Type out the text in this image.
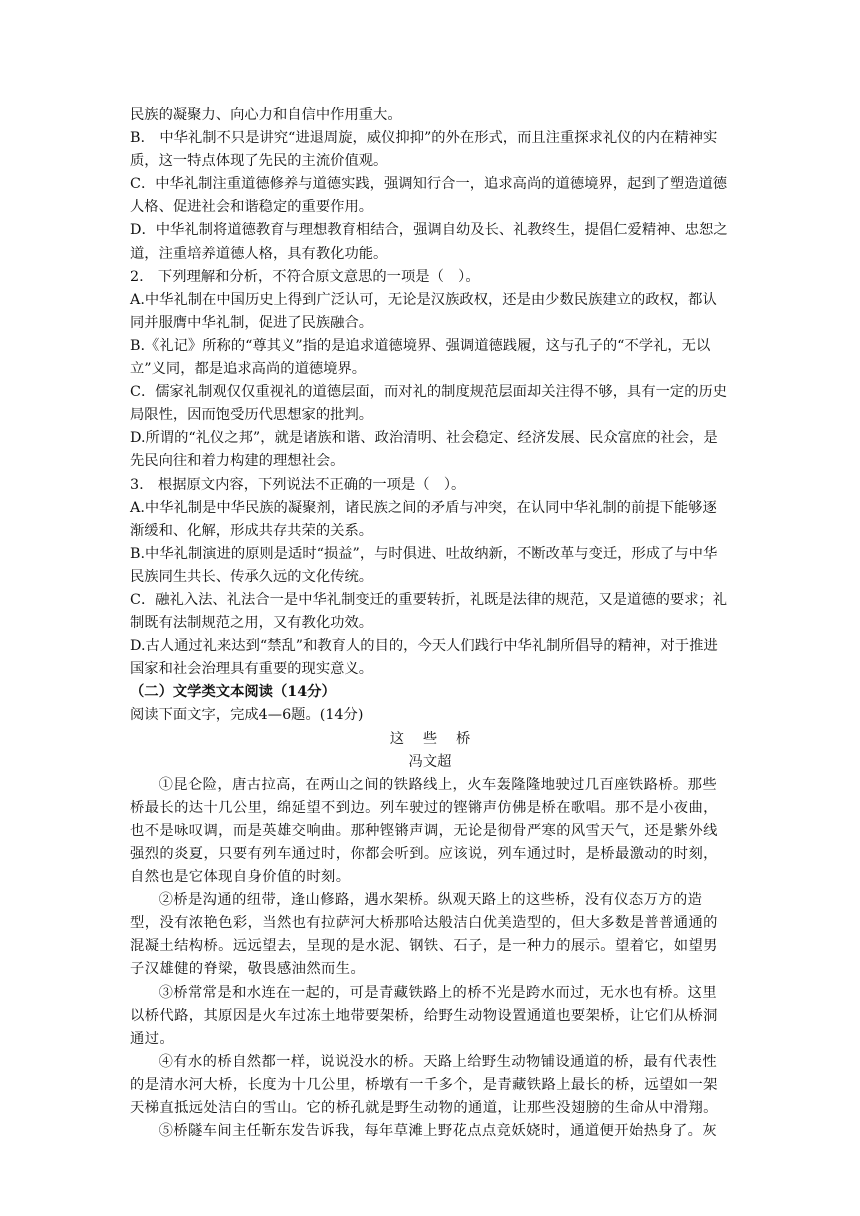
民族的凝聚力、向心力和自信中作用重大。

B.　中华礼制不只是讲究“进退周旋，威仪抑抑”的外在形式，而且注重探求礼仪的内在精神实质，这一特点体现了先民的主流价值观。

C．中华礼制注重道德修养与道德实践，强调知行合一，追求高尚的道德境界，起到了塑造道德人格、促进社会和谐稳定的重要作用。

D．中华礼制将道德教育与理想教育相结合，强调自幼及长、礼教终生，提倡仁爱精神、忠恕之道，注重培养道德人格，具有教化功能。

2.　下列理解和分析，不符合原文意思的一项是（　）。

A.中华礼制在中国历史上得到广泛认可，无论是汉族政权，还是由少数民族建立的政权，都认同并服膺中华礼制，促进了民族融合。

B.《礼记》所称的“尊其义”指的是追求道德境界、强调道德践履，这与孔子的“不学礼，无以立”义同，都是追求高尚的道德境界。

C．儒家礼制观仅仅重视礼的道德层面，而对礼的制度规范层面却关注得不够，具有一定的历史局限性，因而饱受历代思想家的批判。

D.所谓的“礼仪之邦”，就是诸族和谐、政治清明、社会稳定、经济发展、民众富庶的社会，是先民向往和着力构建的理想社会。

3.　根据原文内容，下列说法不正确的一项是（　）。

A.中华礼制是中华民族的凝聚剂，诸民族之间的矛盾与冲突，在认同中华礼制的前提下能够逐渐缓和、化解，形成共存共荣的关系。

B.中华礼制演进的原则是适时“损益”，与时俱进、吐故纳新，不断改革与变迁，形成了与中华民族同生共长、传承久远的文化传统。

C．融礼入法、礼法合一是中华礼制变迁的重要转折，礼既是法律的规范，又是道德的要求；礼制既有法制规范之用，又有教化功效。

D.古人通过礼来达到“禁乱”和教育人的目的，今天人们践行中华礼制所倡导的精神，对于推进国家和社会治理具有重要的现实意义。

（二）文学类文本阅读（14分）

阅读下面文字，完成4—6题。(14分)

这 些 桥

冯文超

①昆仑险，唐古拉高，在两山之间的铁路线上，火车轰隆隆地驶过几百座铁路桥。那些桥最长的达十几公里，绵延望不到边。列车驶过的铿锵声仿佛是桥在歌唱。那不是小夜曲，也不是咏叹调，而是英雄交响曲。那种铿锵声调，无论是彻骨严寒的风雪天气，还是紫外线强烈的炎夏，只要有列车通过时，你都会听到。应该说，列车通过时，是桥最激动的时刻，自然也是它体现自身价值的时刻。

②桥是沟通的纽带，逢山修路，遇水架桥。纵观天路上的这些桥，没有仪态万方的造型，没有浓艳色彩，当然也有拉萨河大桥那哈达般洁白优美造型的，但大多数是普普通通的混凝土结构桥。远远望去，呈现的是水泥、钢铁、石子，是一种力的展示。望着它，如望男子汉雄健的脊梁，敬畏感油然而生。

③桥常常是和水连在一起的，可是青藏铁路上的桥不光是跨水而过，无水也有桥。这里以桥代路，其原因是火车过冻土地带要架桥，给野生动物设置通道也要架桥，让它们从桥洞通过。

④有水的桥自然都一样，说说没水的桥。天路上给野生动物铺设通道的桥，最有代表性的是清水河大桥，长度为十几公里，桥墩有一千多个，是青藏铁路上最长的桥，远望如一架天梯直抵远处洁白的雪山。它的桥孔就是野生动物的通道，让那些没翅膀的生命从中滑翔。

⑤桥隧车间主任靳东发告诉我，每年草滩上野花点点竞妖娆时，通道便开始热身了。灰
